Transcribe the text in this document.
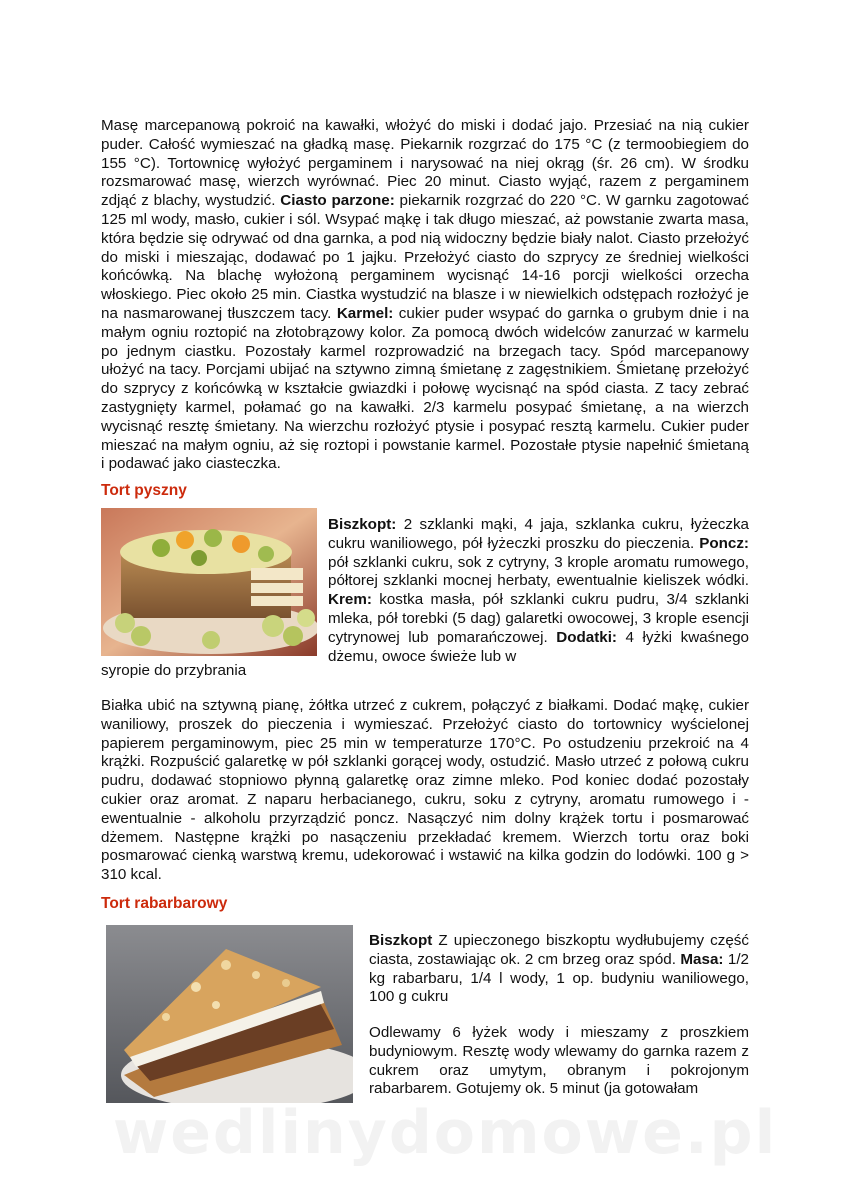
Masę marcepanową pokroić na kawałki, włożyć do miski i dodać jajo. Przesiać na nią cukier puder. Całość wymieszać na gładką masę. Piekarnik rozgrzać do 175 °C (z termoobiegiem do 155 °C). Tortownicę wyłożyć pergaminem i narysować na niej okrąg (śr. 26 cm). W środku rozsmarować masę, wierzch wyrównać. Piec 20 minut. Ciasto wyjąć, razem z pergaminem zdjąć z blachy, wystudzić. Ciasto parzone: piekarnik rozgrzać do 220 °C. W garnku zagotować 125 ml wody, masło, cukier i sól. Wsypać mąkę i tak długo mieszać, aż powstanie zwarta masa, która będzie się odrywać od dna garnka, a pod nią widoczny będzie biały nalot. Ciasto przełożyć do miski i mieszając, dodawać po 1 jajku. Przełożyć ciasto do szprycy ze średniej wielkości końcówką. Na blachę wyłożoną pergaminem wycisnąć 14-16 porcji wielkości orzecha włoskiego. Piec około 25 min. Ciastka wystudzić na blasze i w niewielkich odstępach rozłożyć je na nasmarowanej tłuszczem tacy. Karmel: cukier puder wsypać do garnka o grubym dnie i na małym ogniu roztopić na złotobrązowy kolor. Za pomocą dwóch widelców zanurzać w karmelu po jednym ciastku. Pozostały karmel rozprowadzić na brzegach tacy. Spód marcepanowy ułożyć na tacy. Porcjami ubijać na sztywno zimną śmietanę z zagęstnikiem. Śmietanę przełożyć do szprycy z końcówką w kształcie gwiazdki i połowę wycisnąć na spód ciasta. Z tacy zebrać zastygnięty karmel, połamać go na kawałki. 2/3 karmelu posypać śmietanę, a na wierzch wycisnąć resztę śmietany. Na wierzchu rozłożyć ptysie i posypać resztą karmelu. Cukier puder mieszać na małym ogniu, aż się roztopi i powstanie karmel. Pozostałe ptysie napełnić śmietaną i podawać jako ciasteczka.

Tort pyszny

Biszkopt: 2 szklanki mąki, 4 jaja, szklanka cukru, łyżeczka cukru waniliowego, pół łyżeczki proszku do pieczenia. Poncz: pół szklanki cukru, sok z cytryny, 3 krople aromatu rumowego, półtorej szklanki mocnej herbaty, ewentualnie kieliszek wódki. Krem: kostka masła, pół szklanki cukru pudru, 3/4 szklanki mleka, pół torebki (5 dag) galaretki owocowej, 3 krople esencji cytrynowej lub pomarańczowej. Dodatki: 4 łyżki kwaśnego dżemu, owoce świeże lub w

syropie do przybrania

Białka ubić na sztywną pianę, żółtka utrzeć z cukrem, połączyć z białkami. Dodać mąkę, cukier waniliowy, proszek do pieczenia i wymieszać. Przełożyć ciasto do tortownicy wyścielonej papierem pergaminowym, piec 25 min w temperaturze 170°C. Po ostudzeniu przekroić na 4 krążki. Rozpuścić galaretkę w pół szklanki gorącej wody, ostudzić. Masło utrzeć z połową cukru pudru, dodawać stopniowo płynną galaretkę oraz zimne mleko. Pod koniec dodać pozostały cukier oraz aromat. Z naparu herbacianego, cukru, soku z cytryny, aromatu rumowego i - ewentualnie - alkoholu przyrządzić poncz. Nasączyć nim dolny krążek tortu i posmarować dżemem. Następne krążki po nasączeniu przekładać kremem. Wierzch tortu oraz boki posmarować cienką warstwą kremu, udekorować i wstawić na kilka godzin do lodówki. 100 g > 310 kcal.

Tort rabarbarowy

Biszkopt Z upieczonego biszkoptu wydłubujemy część ciasta, zostawiając ok. 2 cm brzeg oraz spód. Masa: 1/2 kg rabarbaru, 1/4 l wody, 1 op. budyniu waniliowego, 100 g cukru

Odlewamy 6 łyżek wody i mieszamy z proszkiem budyniowym. Resztę wody wlewamy do garnka razem z cukrem oraz umytym, obranym i pokrojonym rabarbarem. Gotujemy ok. 5 minut (ja gotowałam

wedlinydomowe.pl
